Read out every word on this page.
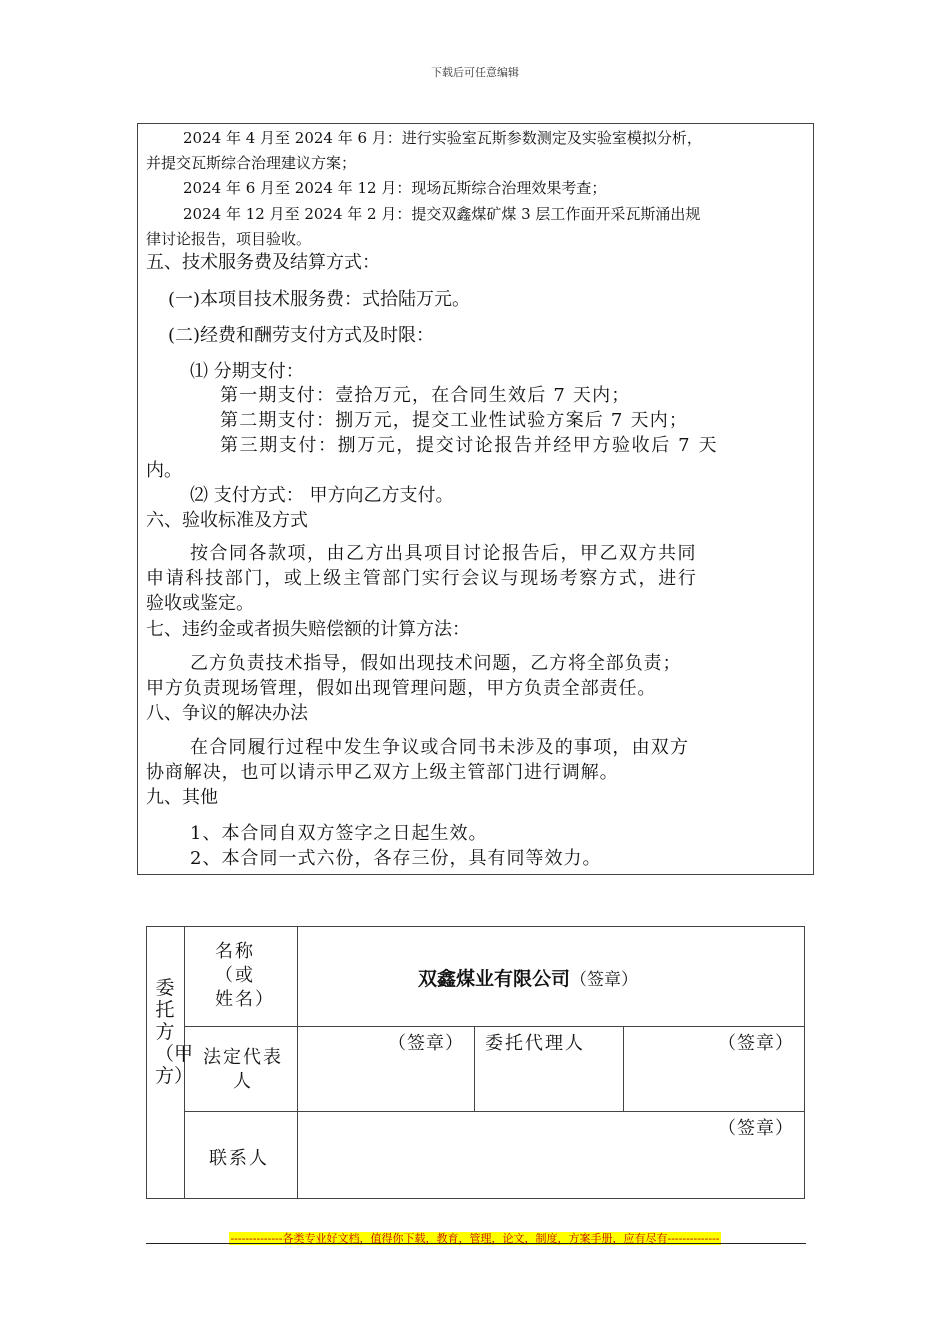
下载后可任意编辑
2024 年 4 月至 2024 年 6 月：进行实验室瓦斯参数测定及实验室模拟分析，
并提交瓦斯综合治理建议方案；
2024 年 6 月至 2024 年 12 月：现场瓦斯综合治理效果考查；
2024 年 12 月至 2024 年 2 月：提交双鑫煤矿煤 3 层工作面开采瓦斯涌出规
律讨论报告，项目验收。
五、技术服务费及结算方式：
(一)本项目技术服务费：式拾陆万元。
(二)经费和酬劳支付方式及时限：
⑴ 分期支付：
第一期支付：壹拾万元，在合同生效后 7 天内；
第二期支付：捌万元，提交工业性试验方案后 7 天内；
第三期支付：捌万元，提交讨论报告并经甲方验收后 7 天
内。
⑵ 支付方式： 甲方向乙方支付。
六、验收标准及方式
按合同各款项，由乙方出具项目讨论报告后，甲乙双方共同
申请科技部门，或上级主管部门实行会议与现场考察方式，进行
验收或鉴定。
七、违约金或者损失赔偿额的计算方法：
乙方负责技术指导，假如出现技术问题，乙方将全部负责；
甲方负责现场管理，假如出现管理问题，甲方负责全部责任。
八、争议的解决办法
在合同履行过程中发生争议或合同书未涉及的事项，由双方
协商解决，也可以请示甲乙双方上级主管部门进行调解。
九、其他
1、本合同自双方签字之日起生效。
2、本合同一式六份，各存三份，具有同等效力。
委托方（甲方）	名称（或姓名）	双鑫煤业有限公司（签章）		

	法定代表人	（签章）	委托代理人	（签章）

	联系人	（签章）		
--------------各类专业好文档，值得你下载，教育，管理，论文，制度，方案手册，应有尽有--------------
